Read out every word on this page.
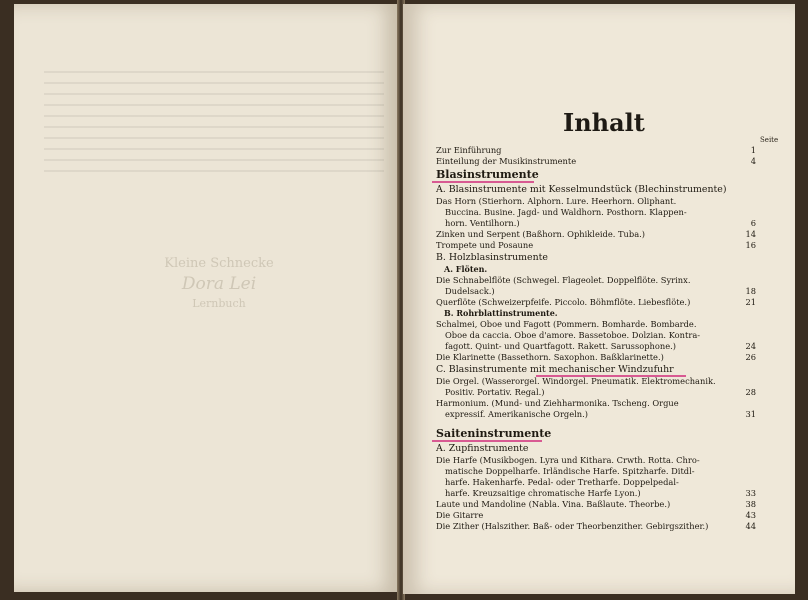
Kleine Schnecke
Dora Lei
Lernbuch
Inhalt
Seite
Zur Einführung	1
Einteilung der Musikinstrumente	4
Blasinstrumente
A. Blasinstrumente mit Kesselmundstück (Blechinstrumente)
Das Horn (Stierhorn. Alphorn. Lure. Heerhorn. Oliphant.
Buccina. Busine. Jagd- und Waldhorn. Posthorn. Klappen-
horn. Ventilhorn.)	6
Zinken und Serpent (Baßhorn. Ophikleide. Tuba.)	14
Trompete und Posaune	16
B. Holzblasinstrumente
A. Flöten.
Die Schnabelflöte (Schwegel. Flageolet. Doppelflöte. Syrinx.
Dudelsack.)	18
Querflöte (Schweizerpfeife. Piccolo. Böhmflöte. Liebesflöte.)	21
B. Rohrblattinstrumente.
Schalmei, Oboe und Fagott (Pommern. Bomharde. Bombarde.
Oboe da caccia. Oboe d'amore. Bassetoboe. Dolzian. Kontra-
fagott. Quint- und Quartfagott. Rakett. Sarussophone.)	24
Die Klarinette (Bassethorn. Saxophon. Baßklarinette.)	26
C. Blasinstrumente mit mechanischer Windzufuhr
Die Orgel. (Wasserorgel. Windorgel. Pneumatik. Elektromechanik.
Positiv. Portativ. Regal.)	28
Harmonium. (Mund- und Ziehharmonika. Tscheng. Orgue
expressif. Amerikanische Orgeln.)	31
Saiteninstrumente
A. Zupfinstrumente
Die Harfe (Musikbogen. Lyra und Kithara. Crwth. Rotta. Chro-
matische Doppelharfe. Irländische Harfe. Spitzharfe. Ditdl-
harfe. Hakenharfe. Pedal- oder Tretharfe. Doppelpedal-
harfe. Kreuzsaitige chromatische Harfe Lyon.)	33
Laute und Mandoline (Nabla. Vina. Baßlaute. Theorbe.)	38
Die Gitarre	43
Die Zither (Halszither. Baß- oder Theorbenzither. Gebirgszither.)	44
